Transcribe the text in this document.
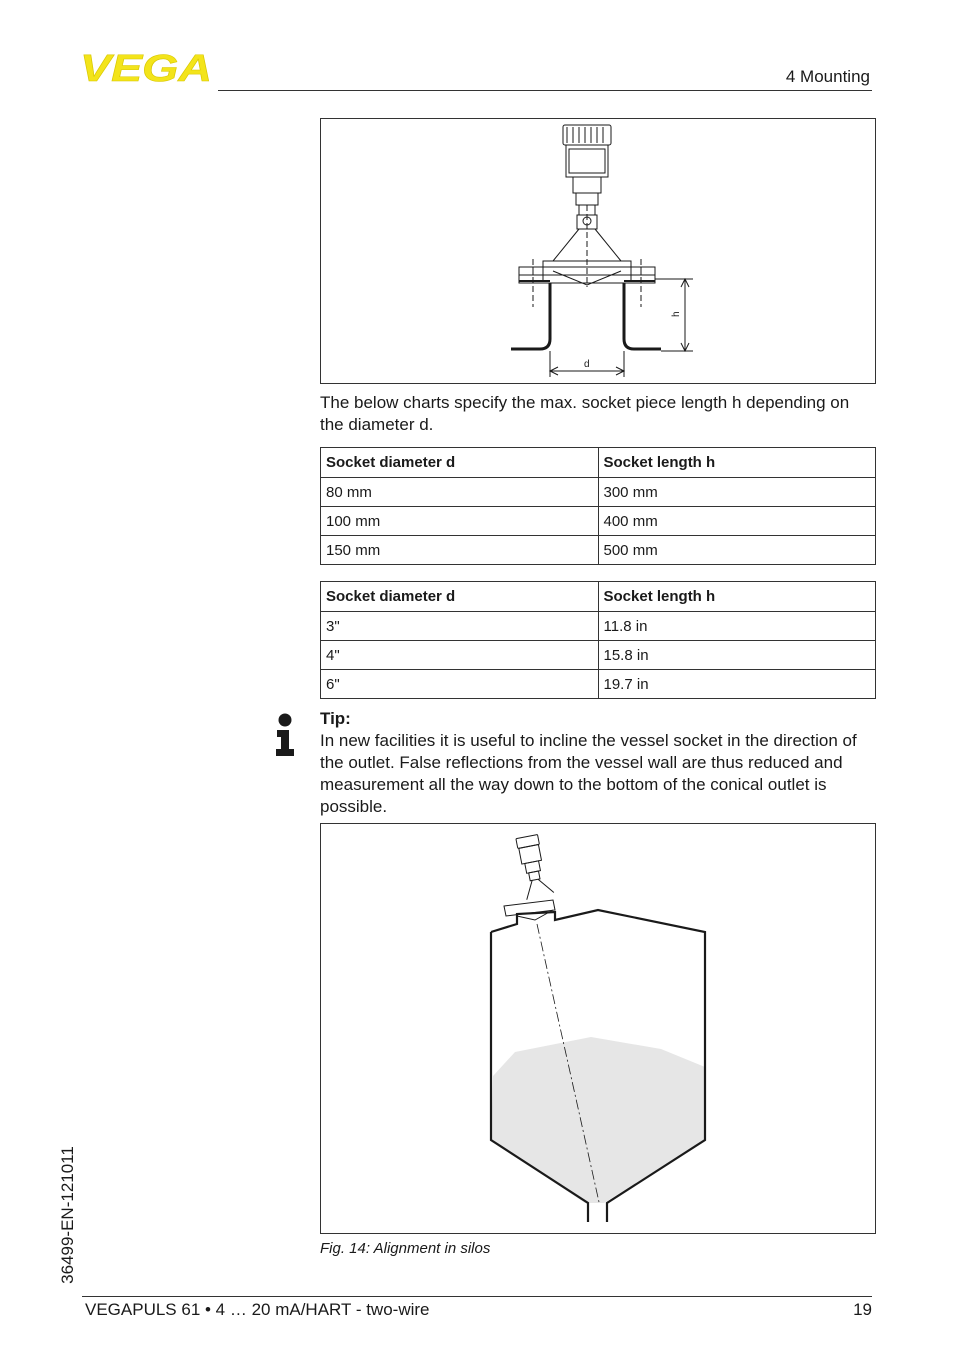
VEGA	4 Mounting
h
d
The below charts specify the max. socket piece length h depending on the diameter d.
Socket diameter d	Socket length h
80 mm	300 mm
100 mm	400 mm
150 mm	500 mm
Socket diameter d	Socket length h
3"	11.8 in
4"	15.8 in
6"	19.7 in
Tip:
In new facilities it is useful to incline the vessel socket in the direction of the outlet. False reflections from the vessel wall are thus reduced and measurement all the way down to the bottom of the conical outlet is possible.
Fig. 14: Alignment in silos
36499-EN-121011
VEGAPULS 61 • 4 … 20 mA/HART - two-wire	19
